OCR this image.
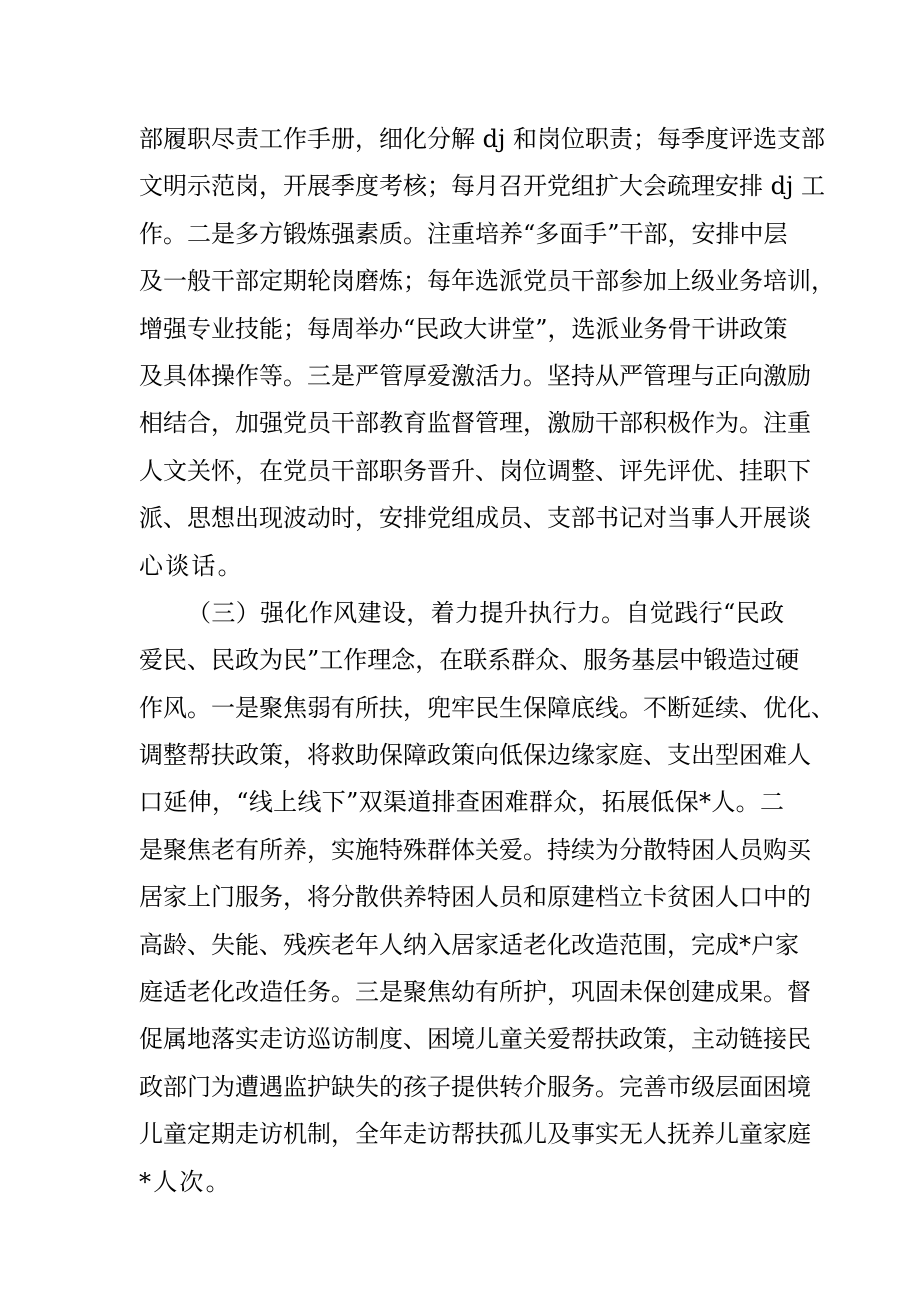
部履职尽责工作手册，细化分解 dj 和岗位职责；每季度评选支部
文明示范岗，开展季度考核；每月召开党组扩大会疏理安排 dj 工
作。二是多方锻炼强素质。注重培养“多面手”干部，安排中层
及一般干部定期轮岗磨炼；每年选派党员干部参加上级业务培训，
增强专业技能；每周举办“民政大讲堂”，选派业务骨干讲政策
及具体操作等。三是严管厚爱激活力。坚持从严管理与正向激励
相结合，加强党员干部教育监督管理，激励干部积极作为。注重
人文关怀，在党员干部职务晋升、岗位调整、评先评优、挂职下
派、思想出现波动时，安排党组成员、支部书记对当事人开展谈
心谈话。
（三）强化作风建设，着力提升执行力。自觉践行“民政
爱民、民政为民”工作理念，在联系群众、服务基层中锻造过硬
作风。一是聚焦弱有所扶，兜牢民生保障底线。不断延续、优化、
调整帮扶政策，将救助保障政策向低保边缘家庭、支出型困难人
口延伸，“线上线下”双渠道排查困难群众，拓展低保*人。二
是聚焦老有所养，实施特殊群体关爱。持续为分散特困人员购买
居家上门服务，将分散供养特困人员和原建档立卡贫困人口中的
高龄、失能、残疾老年人纳入居家适老化改造范围，完成*户家
庭适老化改造任务。三是聚焦幼有所护，巩固未保创建成果。督
促属地落实走访巡访制度、困境儿童关爱帮扶政策，主动链接民
政部门为遭遇监护缺失的孩子提供转介服务。完善市级层面困境
儿童定期走访机制，全年走访帮扶孤儿及事实无人抚养儿童家庭
*人次。
